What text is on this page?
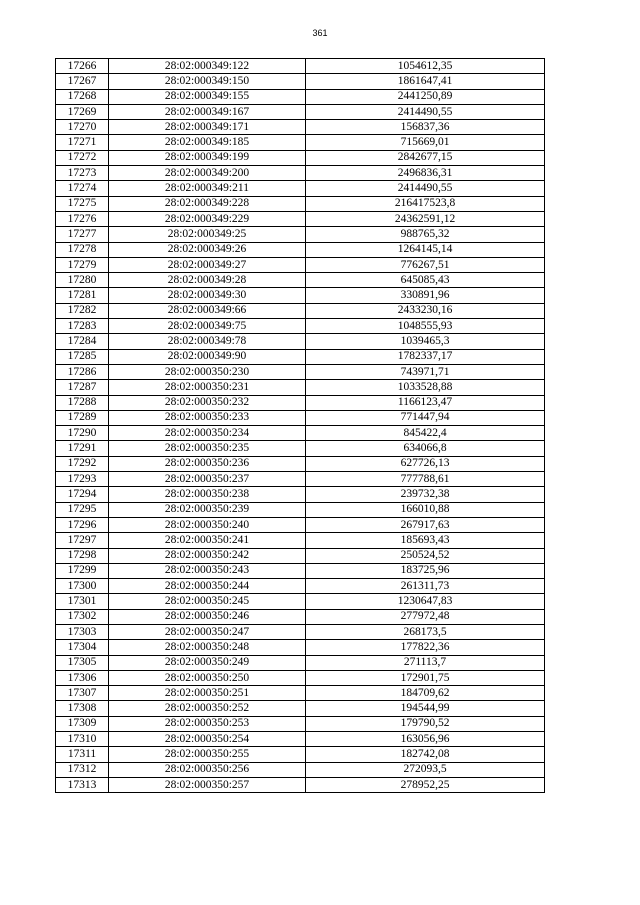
361
17266	28:02:000349:122	1054612,35
17267	28:02:000349:150	1861647,41
17268	28:02:000349:155	2441250,89
17269	28:02:000349:167	2414490,55
17270	28:02:000349:171	156837,36
17271	28:02:000349:185	715669,01
17272	28:02:000349:199	2842677,15
17273	28:02:000349:200	2496836,31
17274	28:02:000349:211	2414490,55
17275	28:02:000349:228	216417523,8
17276	28:02:000349:229	24362591,12
17277	28:02:000349:25	988765,32
17278	28:02:000349:26	1264145,14
17279	28:02:000349:27	776267,51
17280	28:02:000349:28	645085,43
17281	28:02:000349:30	330891,96
17282	28:02:000349:66	2433230,16
17283	28:02:000349:75	1048555,93
17284	28:02:000349:78	1039465,3
17285	28:02:000349:90	1782337,17
17286	28:02:000350:230	743971,71
17287	28:02:000350:231	1033528,88
17288	28:02:000350:232	1166123,47
17289	28:02:000350:233	771447,94
17290	28:02:000350:234	845422,4
17291	28:02:000350:235	634066,8
17292	28:02:000350:236	627726,13
17293	28:02:000350:237	777788,61
17294	28:02:000350:238	239732,38
17295	28:02:000350:239	166010,88
17296	28:02:000350:240	267917,63
17297	28:02:000350:241	185693,43
17298	28:02:000350:242	250524,52
17299	28:02:000350:243	183725,96
17300	28:02:000350:244	261311,73
17301	28:02:000350:245	1230647,83
17302	28:02:000350:246	277972,48
17303	28:02:000350:247	268173,5
17304	28:02:000350:248	177822,36
17305	28:02:000350:249	271113,7
17306	28:02:000350:250	172901,75
17307	28:02:000350:251	184709,62
17308	28:02:000350:252	194544,99
17309	28:02:000350:253	179790,52
17310	28:02:000350:254	163056,96
17311	28:02:000350:255	182742,08
17312	28:02:000350:256	272093,5
17313	28:02:000350:257	278952,25
